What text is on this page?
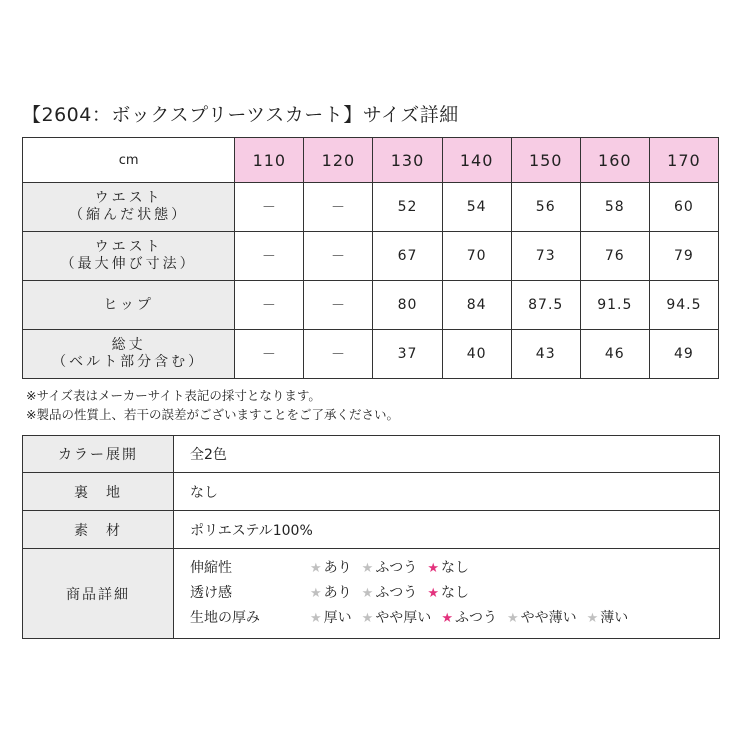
【2604：ボックスプリーツスカート】サイズ詳細
cm	110	120	130	140	150	160	170

ウエスト
（縮んだ状態）	－	－	52	54	56	58	60

ウエスト
（最大伸び寸法）	－	－	67	70	73	76	79

ヒップ	－	－	80	84	87.5	91.5	94.5

総丈
（ベルト部分含む）	－	－	37	40	43	46	49
※サイズ表はメーカーサイト表記の採寸となります。
※製品の性質上、若干の誤差がございますことをご了承ください。
カラー展開	全2色
裏　地	なし
素　材	ポリエステル100%
商品詳細	伸縮性 ★ あり ★ ふつう ★ なし
透け感 ★ あり ★ ふつう ★ なし
生地の厚み ★ 厚い ★ やや厚い ★ ふつう ★ やや薄い ★ 薄い
